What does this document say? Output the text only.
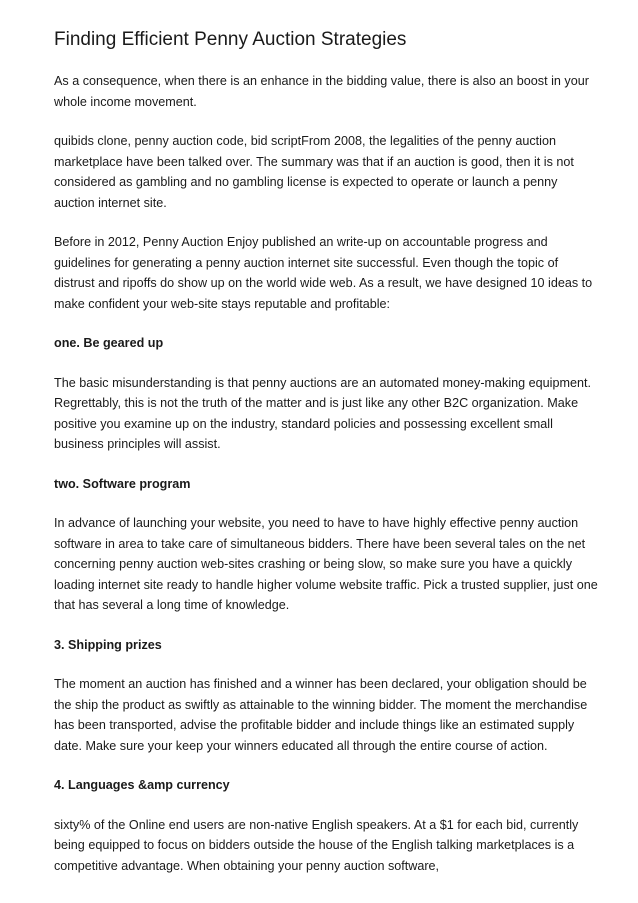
Finding Efficient Penny Auction Strategies

As a consequence, when there is an enhance in the bidding value, there is also an boost in your whole income movement.

quibids clone, penny auction code, bid scriptFrom 2008, the legalities of the penny auction marketplace have been talked over. The summary was that if an auction is good, then it is not considered as gambling and no gambling license is expected to operate or launch a penny auction internet site.

Before in 2012, Penny Auction Enjoy published an write-up on accountable progress and guidelines for generating a penny auction internet site successful. Even though the topic of distrust and ripoffs do show up on the world wide web. As a result, we have designed 10 ideas to make confident your web-site stays reputable and profitable:

one. Be geared up

The basic misunderstanding is that penny auctions are an automated money-making equipment. Regrettably, this is not the truth of the matter and is just like any other B2C organization. Make positive you examine up on the industry, standard policies and possessing excellent small business principles will assist.

two. Software program

In advance of launching your website, you need to have to have highly effective penny auction software in area to take care of simultaneous bidders. There have been several tales on the net concerning penny auction web-sites crashing or being slow, so make sure you have a quickly loading internet site ready to handle higher volume website traffic. Pick a trusted supplier, just one that has several a long time of knowledge.

3. Shipping prizes

The moment an auction has finished and a winner has been declared, your obligation should be the ship the product as swiftly as attainable to the winning bidder. The moment the merchandise has been transported, advise the profitable bidder and include things like an estimated supply date. Make sure your keep your winners educated all through the entire course of action.

4. Languages &amp currency

sixty% of the Online end users are non-native English speakers. At a $1 for each bid, currently being equipped to focus on bidders outside the house of the English talking marketplaces is a competitive advantage. When obtaining your penny auction software,
